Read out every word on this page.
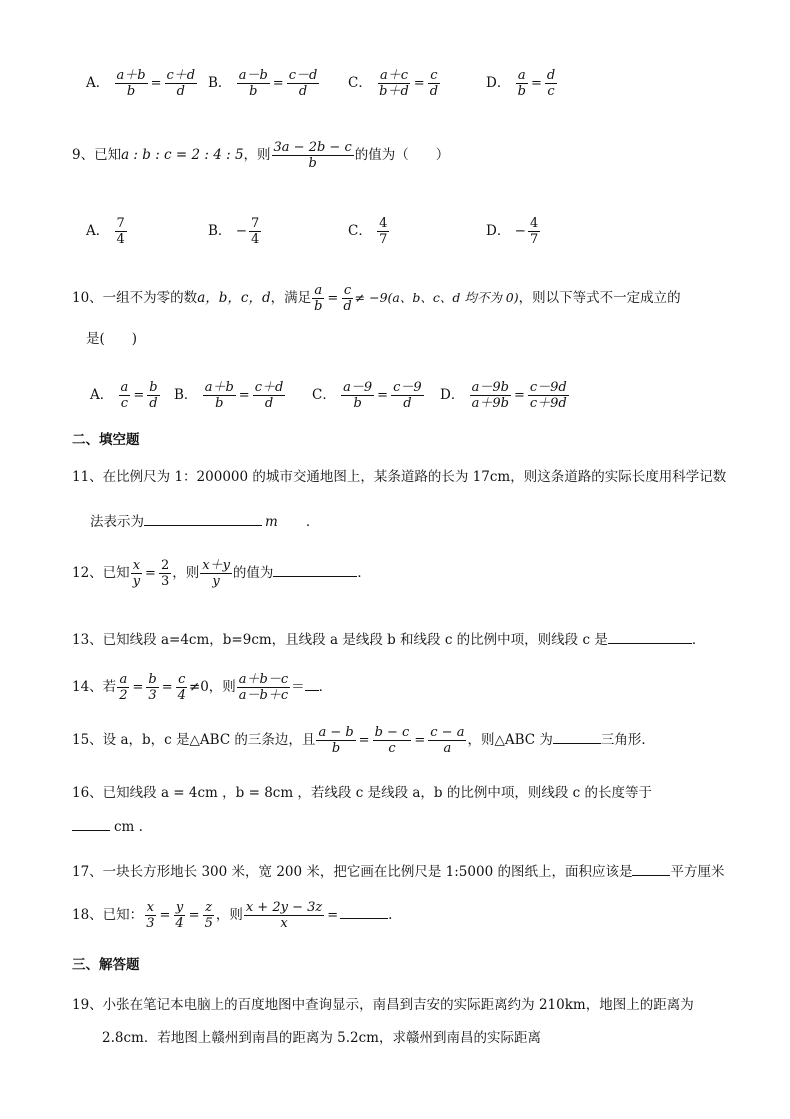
A． $\frac{a+b}{b} = \frac{c+d}{d}$ B． $\frac{a-b}{b} = \frac{c-d}{d}$ C． $\frac{a+c}{b+d} = \frac{c}{d}$	D． $\frac{a}{b} = \frac{d}{c}$
9、已知a : b : c = 2 : 4 : 5，则 $\frac{3a - 2b - c}{b}$ 的值为（　　）
A． $\frac{7}{4}$	B． − $\frac{7}{4}$	C． $\frac{4}{7}$	D． − $\frac{4}{7}$
10、一组不为零的数a，b，c，d，满足 $\frac{a}{b} = \frac{c}{d} \ne -9(a$、b、c、d 均不为 0)，则以下等式不一定成立的
是(　　)
A． $\frac{a}{c} = \frac{b}{d}$ B． $\frac{a+b}{b} = \frac{c+d}{d}$ C． $\frac{a-9}{b} = \frac{c-9}{d}$ D． $\frac{a-9b}{a+9b} = \frac{c-9d}{c+9d}$
二、填空题
11、在比例尺为 1：200000 的城市交通地图上，某条道路的长为 17cm，则这条道路的实际长度用科学记数
法表示为	m ．
12、已知 $\frac{x}{y} = \frac{2}{3}$ ，则 $\frac{x+y}{y}$ 的值为	．
13、已知线段 a=4cm，b=9cm，且线段 a 是线段 b 和线段 c 的比例中项，则线段 c 是	．
14、若 $\frac{a}{2} = \frac{b}{3} = \frac{c}{4} \ne 0$，则 $\frac{a+b-c}{a-b+c}$ ＝ ．
15、设 a，b，c 是△ABC 的三条边，且 $\frac{a - b}{b} = \frac{b - c}{c} = \frac{c - a}{a}$ ，则△ABC 为	三角形．
16、已知线段 a = 4cm ，b = 8cm ，若线段 c 是线段 a，b 的比例中项，则线段 c 的长度等于
cm .
17、一块长方形地长 300 米，宽 200 米，把它画在比例尺是 1:5000 的图纸上，面积应该是	平方厘米
18、已知： $\frac{x}{3} = \frac{y}{4} = \frac{z}{5}$ ，则 $\frac{x + 2y - 3z}{x}$ =	.
三、解答题
19、小张在笔记本电脑上的百度地图中查询显示，南昌到吉安的实际距离约为 210km，地图上的距离为
2.8cm．若地图上赣州到南昌的距离为 5.2cm，求赣州到南昌的实际距离
